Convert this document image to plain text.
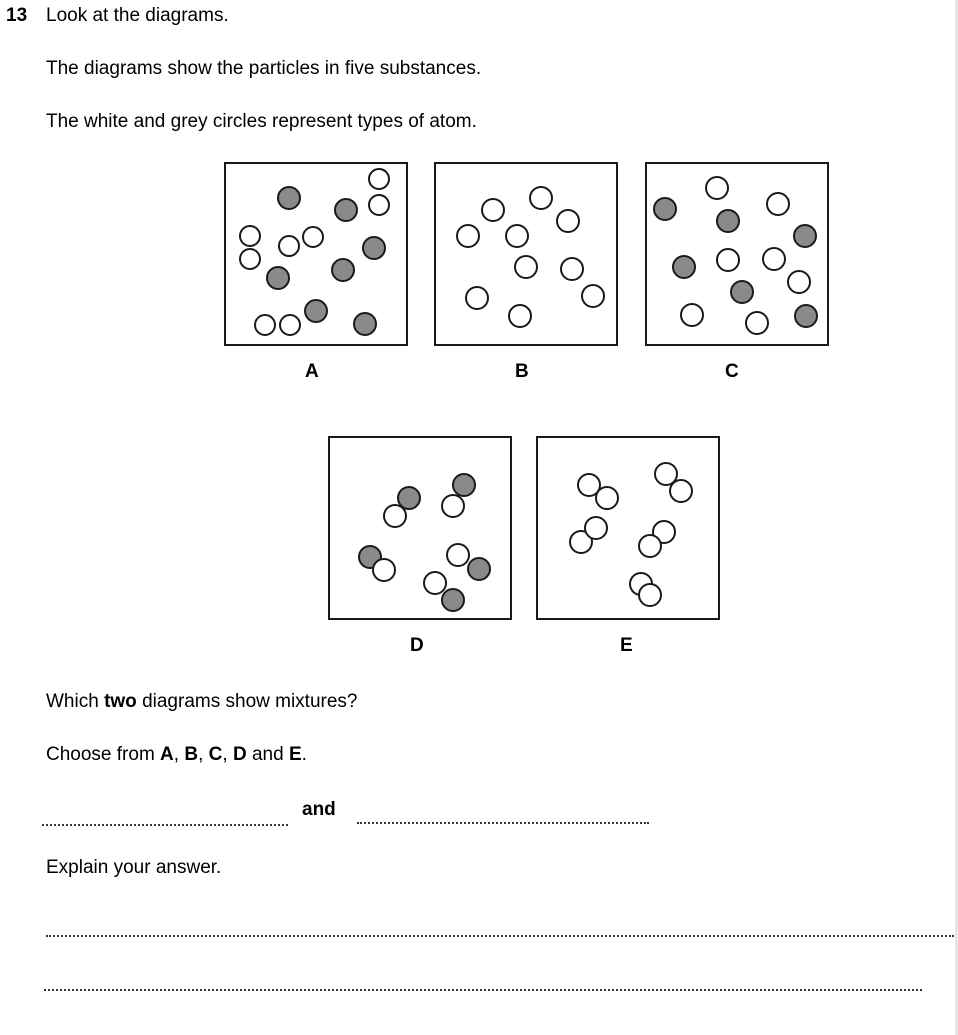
13 Look at the diagrams.
The diagrams show the particles in five substances.
The white and grey circles represent types of atom.
A	B	C
D	E
Which two diagrams show mixtures?
Choose from A, B, C, D and E.
and
Explain your answer.
